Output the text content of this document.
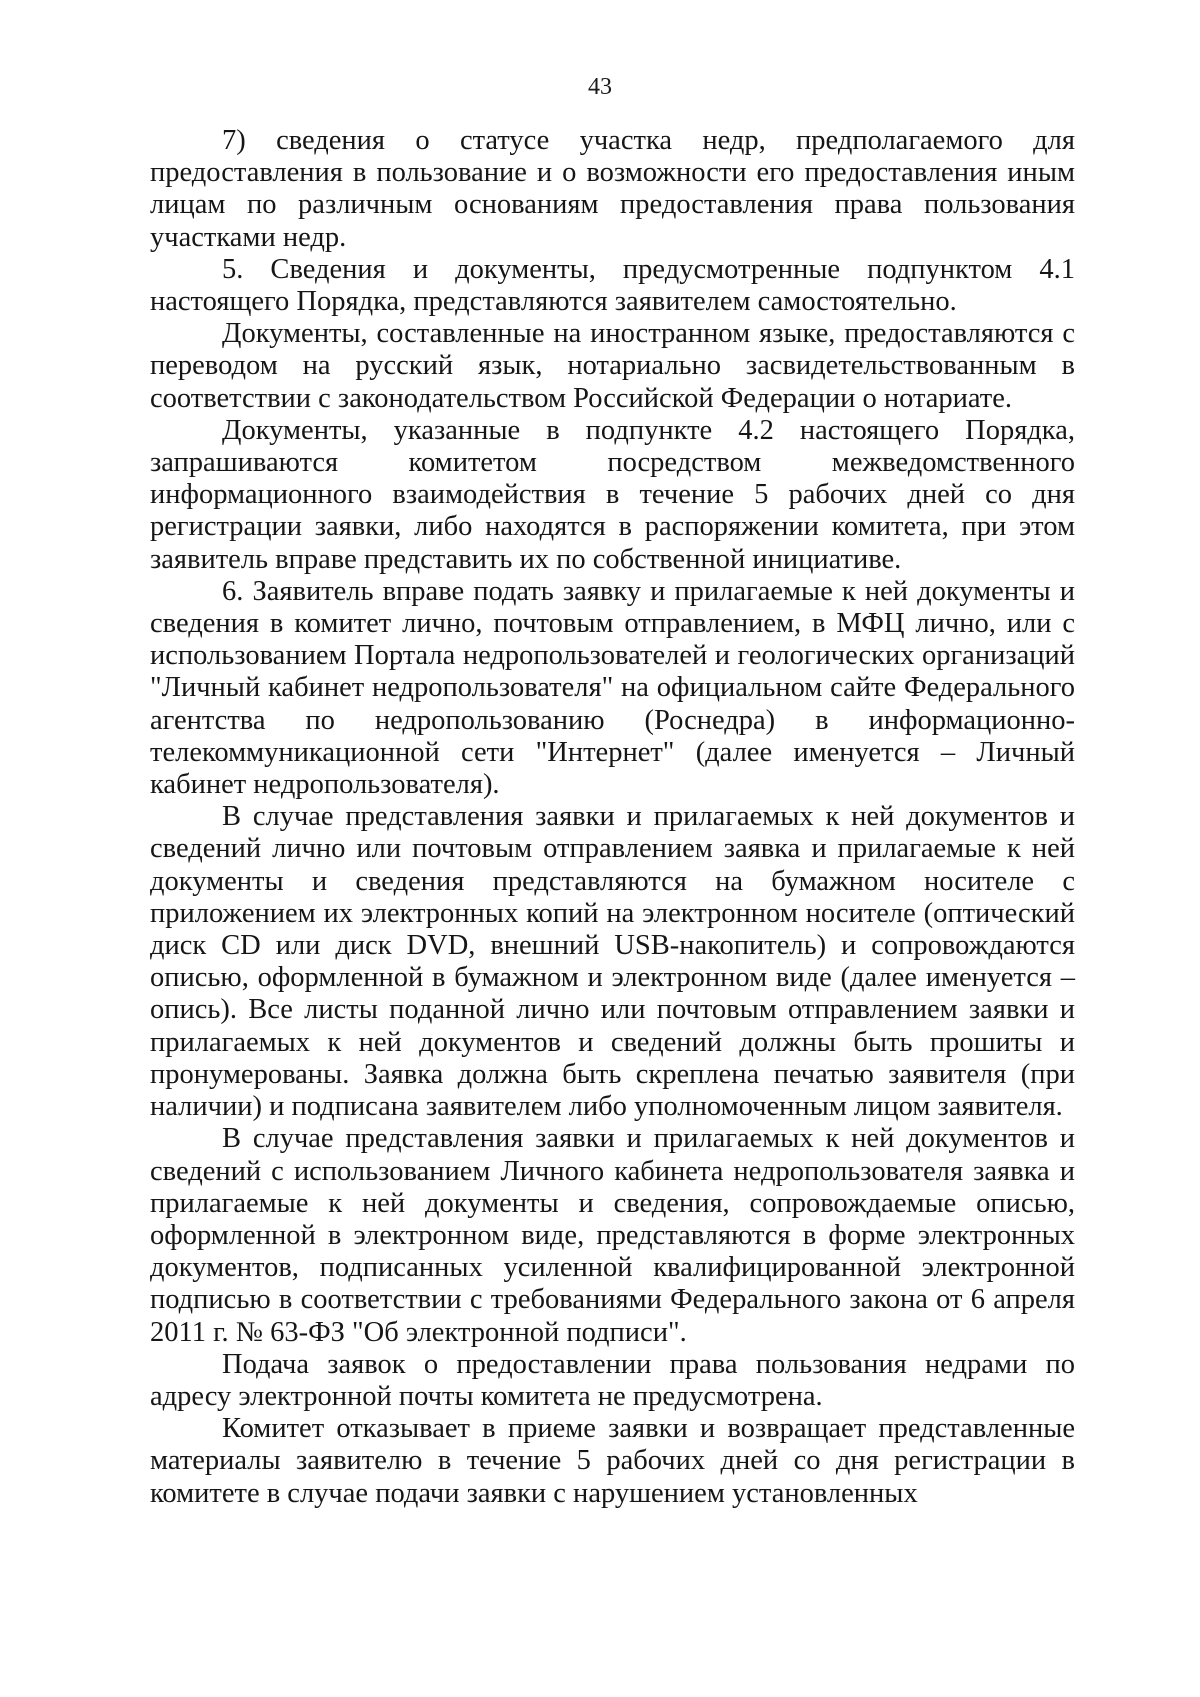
43

7) сведения о статусе участка недр, предполагаемого для предоставления в пользование и о возможности его предоставления иным лицам по различным основаниям предоставления права пользования участками недр.

5. Сведения и документы, предусмотренные подпунктом 4.1 настоящего Порядка, представляются заявителем самостоятельно.

Документы, составленные на иностранном языке, предоставляются с переводом на русский язык, нотариально засвидетельствованным в соответствии с законодательством Российской Федерации о нотариате.

Документы, указанные в подпункте 4.2 настоящего Порядка, запрашиваются комитетом посредством межведомственного информационного взаимодействия в течение 5 рабочих дней со дня регистрации заявки, либо находятся в распоряжении комитета, при этом заявитель вправе представить их по собственной инициативе.

6. Заявитель вправе подать заявку и прилагаемые к ней документы и сведения в комитет лично, почтовым отправлением, в МФЦ лично, или с использованием Портала недропользователей и геологических организаций "Личный кабинет недропользователя" на официальном сайте Федерального агентства по недропользованию (Роснедра) в информационно-телекоммуникационной сети "Интернет" (далее именуется – Личный кабинет недропользователя).

В случае представления заявки и прилагаемых к ней документов и сведений лично или почтовым отправлением заявка и прилагаемые к ней документы и сведения представляются на бумажном носителе с приложением их электронных копий на электронном носителе (оптический диск CD или диск DVD, внешний USB-накопитель) и сопровождаются описью, оформленной в бумажном и электронном виде (далее именуется – опись). Все листы поданной лично или почтовым отправлением заявки и прилагаемых к ней документов и сведений должны быть прошиты и пронумерованы. Заявка должна быть скреплена печатью заявителя (при наличии) и подписана заявителем либо уполномоченным лицом заявителя.

В случае представления заявки и прилагаемых к ней документов и сведений с использованием Личного кабинета недропользователя заявка и прилагаемые к ней документы и сведения, сопровождаемые описью, оформленной в электронном виде, представляются в форме электронных документов, подписанных усиленной квалифицированной электронной подписью в соответствии с требованиями Федерального закона от 6 апреля 2011 г. № 63-ФЗ "Об электронной подписи".

Подача заявок о предоставлении права пользования недрами по адресу электронной почты комитета не предусмотрена.

Комитет отказывает в приеме заявки и возвращает представленные материалы заявителю в течение 5 рабочих дней со дня регистрации в комитете в случае подачи заявки с нарушением установленных
